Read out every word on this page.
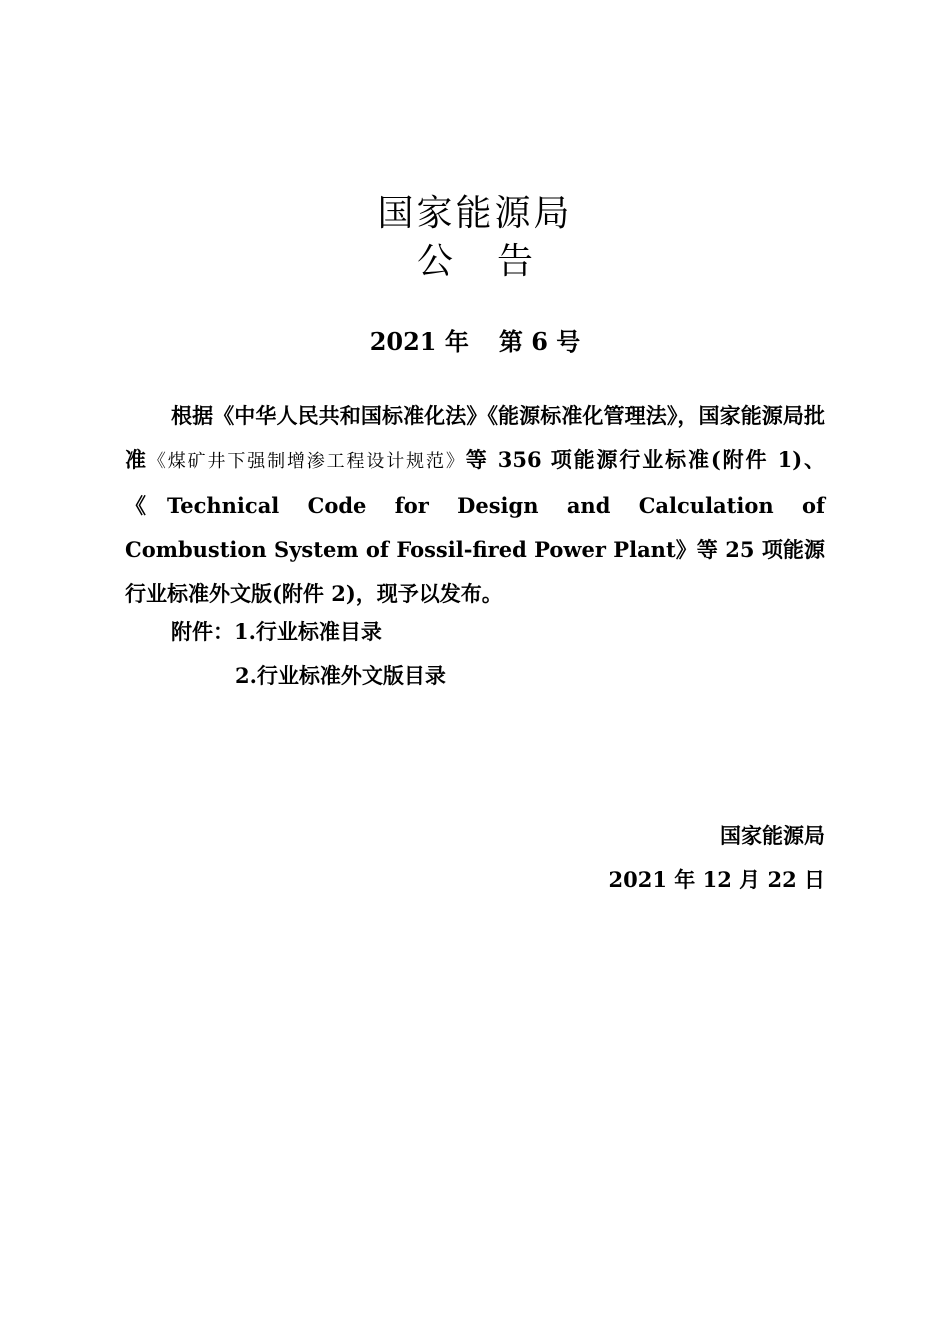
国家能源局
公 告
2021 年 第 6 号

根据《中华人民共和国标准化法》《能源标准化管理法》，国家能源局批准《煤矿井下强制增渗工程设计规范》等 356 项能源行业标准(附件 1)、《Technical Code for Design and Calculation of Combustion System of Fossil-fired Power Plant》等 25 项能源行业标准外文版(附件 2)，现予以发布。

附件：1.行业标准目录
2.行业标准外文版目录
国家能源局
2021 年 12 月 22 日
